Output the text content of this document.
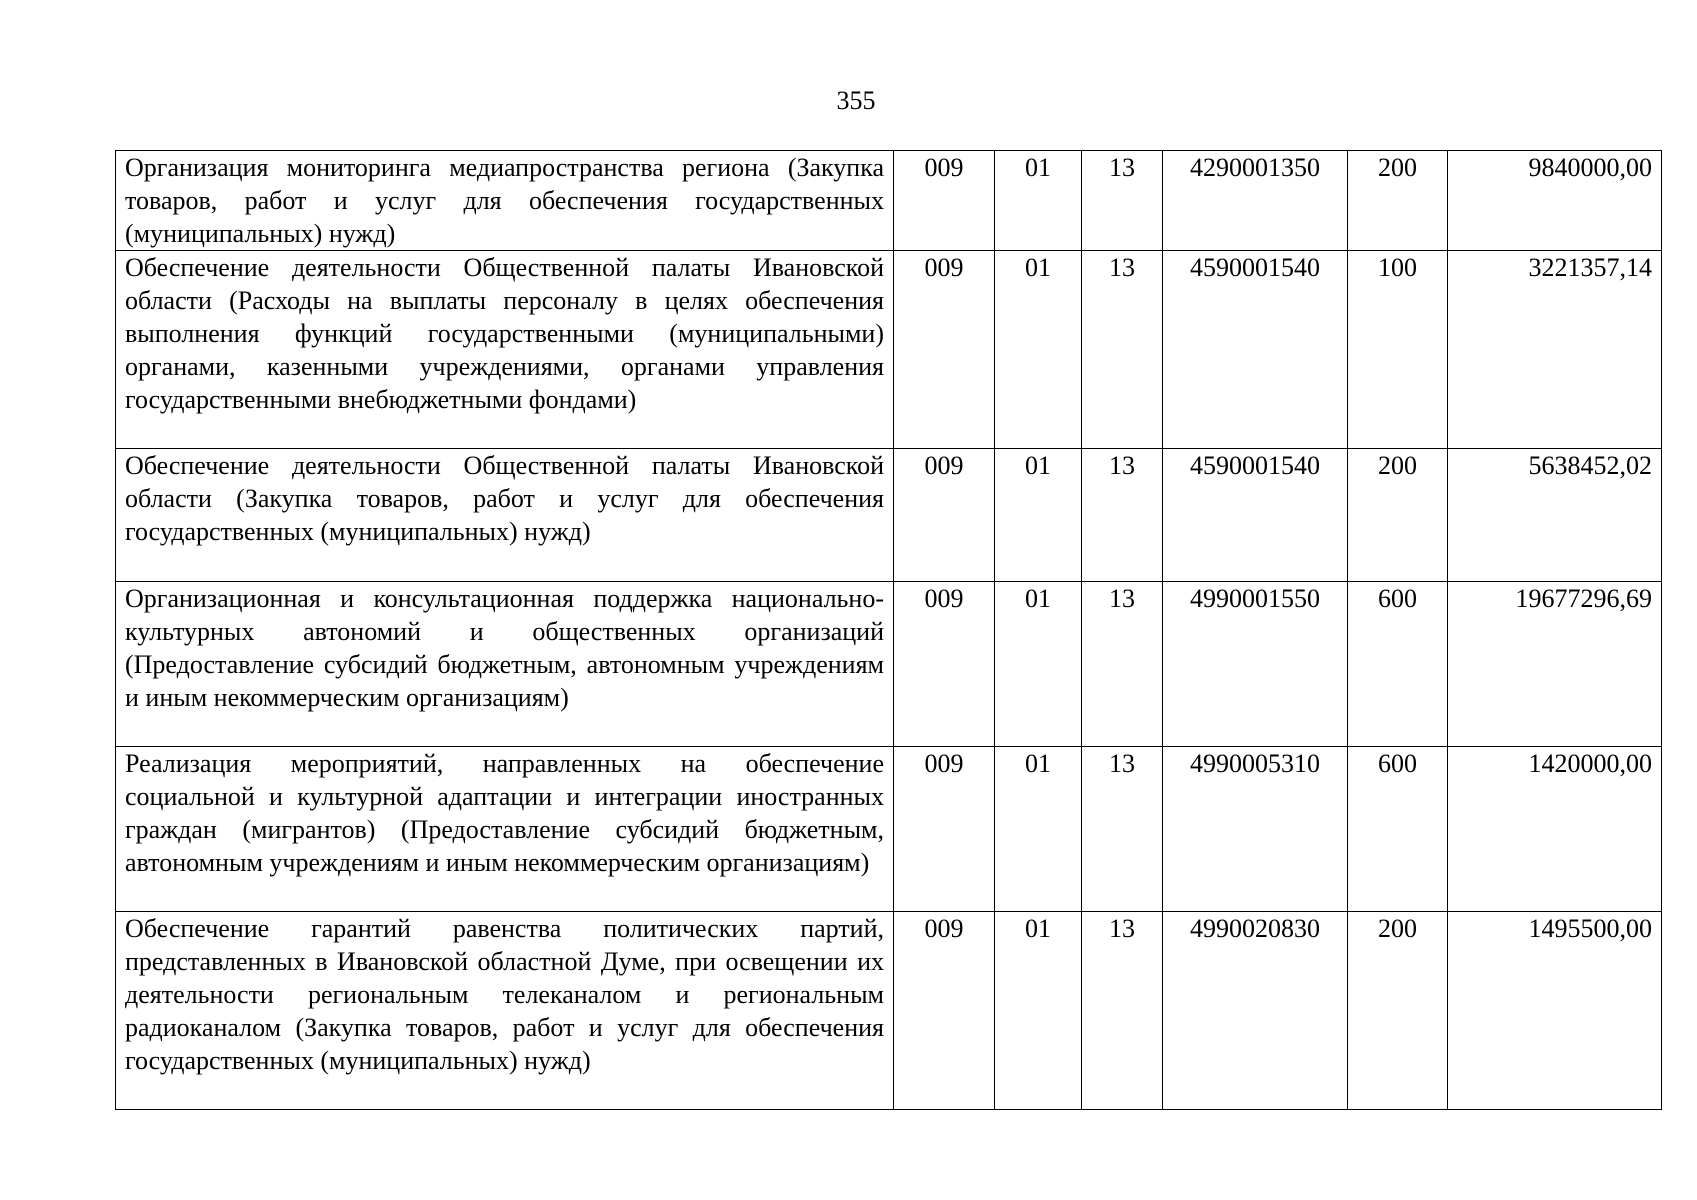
355
Организация мониторинга медиапространства региона (Закупка товаров, работ и услуг для обеспечения государственных (муниципальных) нужд)	009	01	13	4290001350	200	9840000,00
Обеспечение деятельности Общественной палаты Ивановской области (Расходы на выплаты персоналу в целях обеспечения выполнения функций государственными (муниципальными) органами, казенными учреждениями, органами управления государственными внебюджетными фондами)	009	01	13	4590001540	100	3221357,14
Обеспечение деятельности Общественной палаты Ивановской области (Закупка товаров, работ и услуг для обеспечения государственных (муниципальных) нужд)	009	01	13	4590001540	200	5638452,02
Организационная и консультационная поддержка национально-культурных автономий и общественных организаций (Предоставление субсидий бюджетным, автономным учреждениям и иным некоммерческим организациям)	009	01	13	4990001550	600	19677296,69
Реализация мероприятий, направленных на обеспечение социальной и культурной адаптации и интеграции иностранных граждан (мигрантов) (Предоставление субсидий бюджетным, автономным учреждениям и иным некоммерческим организациям)	009	01	13	4990005310	600	1420000,00
Обеспечение гарантий равенства политических партий, представленных в Ивановской областной Думе, при освещении их деятельности региональным телеканалом и региональным радиоканалом (Закупка товаров, работ и услуг для обеспечения государственных (муниципальных) нужд)	009	01	13	4990020830	200	1495500,00
